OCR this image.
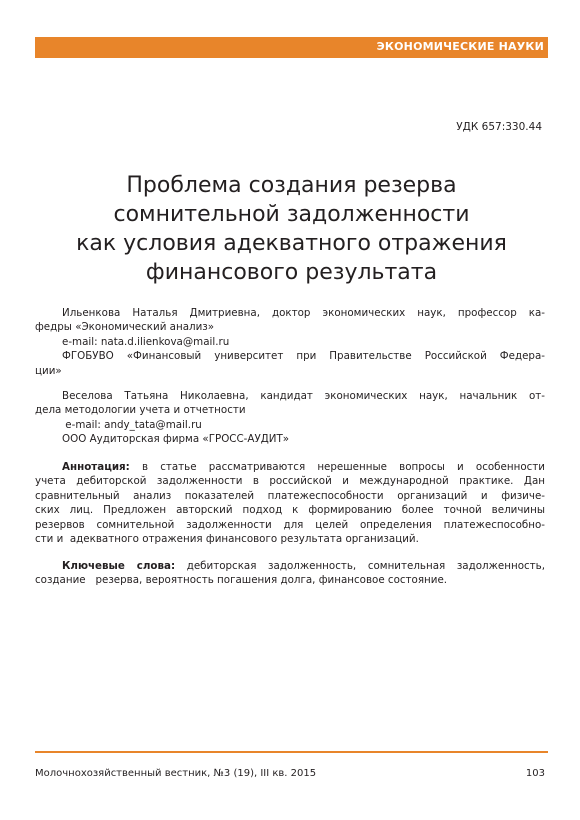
ЭКОНОМИЧЕСКИЕ НАУКИ
УДК 657:330.44
Проблема создания резерва
сомнительной задолженности
как условия адекватного отражения
финансового результата
Ильенкова Наталья Дмитриевна, доктор экономических наук, профессор ка-
федры «Экономический анализ»
e-mail: nata.d.ilienkova@mail.ru
ФГОБУВО «Финансовый университет при Правительстве Российской Федера-
ции»
Веселова Татьяна Николаевна, кандидат экономических наук, начальник от-
дела методологии учета и отчетности
e-mail: andy_tata@mail.ru
ООО Аудиторская фирма «ГРОСС-АУДИТ»
Аннотация: в статье рассматриваются нерешенные вопросы и особенности
учета дебиторской задолженности в российской и международной практике. Дан
сравнительный анализ показателей платежеспособности организаций и физиче-
ских лиц. Предложен авторский подход к формированию более точной величины
резервов сомнительной задолженности для целей определения платежеспособно-
сти и  адекватного отражения финансового результата организаций.
Ключевые слова: дебиторская задолженность, сомнительная задолженность,
создание   резерва, вероятность погашения долга, финансовое состояние.
Молочнохозяйственный вестник, №3 (19), III кв. 2015	103
